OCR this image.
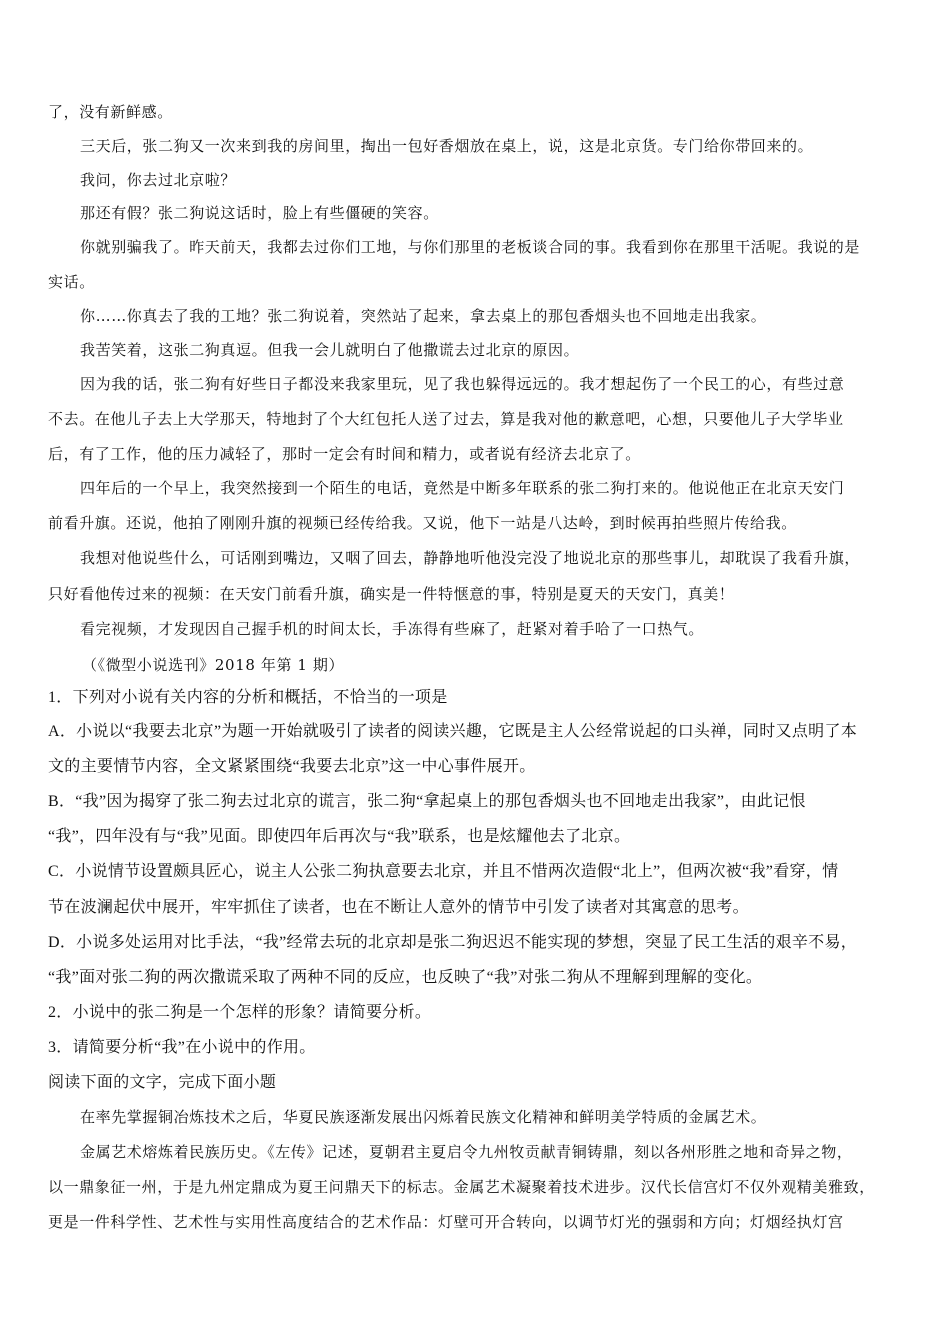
了，没有新鲜感。
三天后，张二狗又一次来到我的房间里，掏出一包好香烟放在桌上，说，这是北京货。专门给你带回来的。
我问，你去过北京啦？
那还有假？张二狗说这话时，脸上有些僵硬的笑容。
你就别骗我了。昨天前天，我都去过你们工地，与你们那里的老板谈合同的事。我看到你在那里干活呢。我说的是
实话。
你……你真去了我的工地？张二狗说着，突然站了起来，拿去桌上的那包香烟头也不回地走出我家。
我苦笑着，这张二狗真逗。但我一会儿就明白了他撒谎去过北京的原因。
因为我的话，张二狗有好些日子都没来我家里玩，见了我也躲得远远的。我才想起伤了一个民工的心，有些过意
不去。在他儿子去上大学那天，特地封了个大红包托人送了过去，算是我对他的歉意吧，心想，只要他儿子大学毕业
后，有了工作，他的压力减轻了，那时一定会有时间和精力，或者说有经济去北京了。
四年后的一个早上，我突然接到一个陌生的电话，竟然是中断多年联系的张二狗打来的。他说他正在北京天安门
前看升旗。还说，他拍了刚刚升旗的视频已经传给我。又说，他下一站是八达岭，到时候再拍些照片传给我。
我想对他说些什么，可话刚到嘴边，又咽了回去，静静地听他没完没了地说北京的那些事儿，却耽误了我看升旗，
只好看他传过来的视频：在天安门前看升旗，确实是一件特惬意的事，特别是夏天的天安门，真美！
看完视频，才发现因自己握手机的时间太长，手冻得有些麻了，赶紧对着手哈了一口热气。
（《微型小说选刊》2018 年第 1 期）
1．下列对小说有关内容的分析和概括，不恰当的一项是
A．小说以“我要去北京”为题一开始就吸引了读者的阅读兴趣，它既是主人公经常说起的口头禅，同时又点明了本
文的主要情节内容，全文紧紧围绕“我要去北京”这一中心事件展开。
B．“我”因为揭穿了张二狗去过北京的谎言，张二狗“拿起桌上的那包香烟头也不回地走出我家”，由此记恨
“我”，四年没有与“我”见面。即使四年后再次与“我”联系，也是炫耀他去了北京。
C．小说情节设置颇具匠心，说主人公张二狗执意要去北京，并且不惜两次造假“北上”，但两次被“我”看穿，情
节在波澜起伏中展开，牢牢抓住了读者，也在不断让人意外的情节中引发了读者对其寓意的思考。
D．小说多处运用对比手法，“我”经常去玩的北京却是张二狗迟迟不能实现的梦想，突显了民工生活的艰辛不易，
“我”面对张二狗的两次撒谎采取了两种不同的反应，也反映了“我”对张二狗从不理解到理解的变化。
2．小说中的张二狗是一个怎样的形象？请简要分析。
3．请简要分析“我”在小说中的作用。
阅读下面的文字，完成下面小题
在率先掌握铜冶炼技术之后，华夏民族逐渐发展出闪烁着民族文化精神和鲜明美学特质的金属艺术。
金属艺术熔炼着民族历史。《左传》记述，夏朝君主夏启令九州牧贡献青铜铸鼎，刻以各州形胜之地和奇异之物，
以一鼎象征一州，于是九州定鼎成为夏王问鼎天下的标志。金属艺术凝聚着技术进步。汉代长信宫灯不仅外观精美雅致，
更是一件科学性、艺术性与实用性高度结合的艺术作品：灯壁可开合转向，以调节灯光的强弱和方向；灯烟经执灯宫
